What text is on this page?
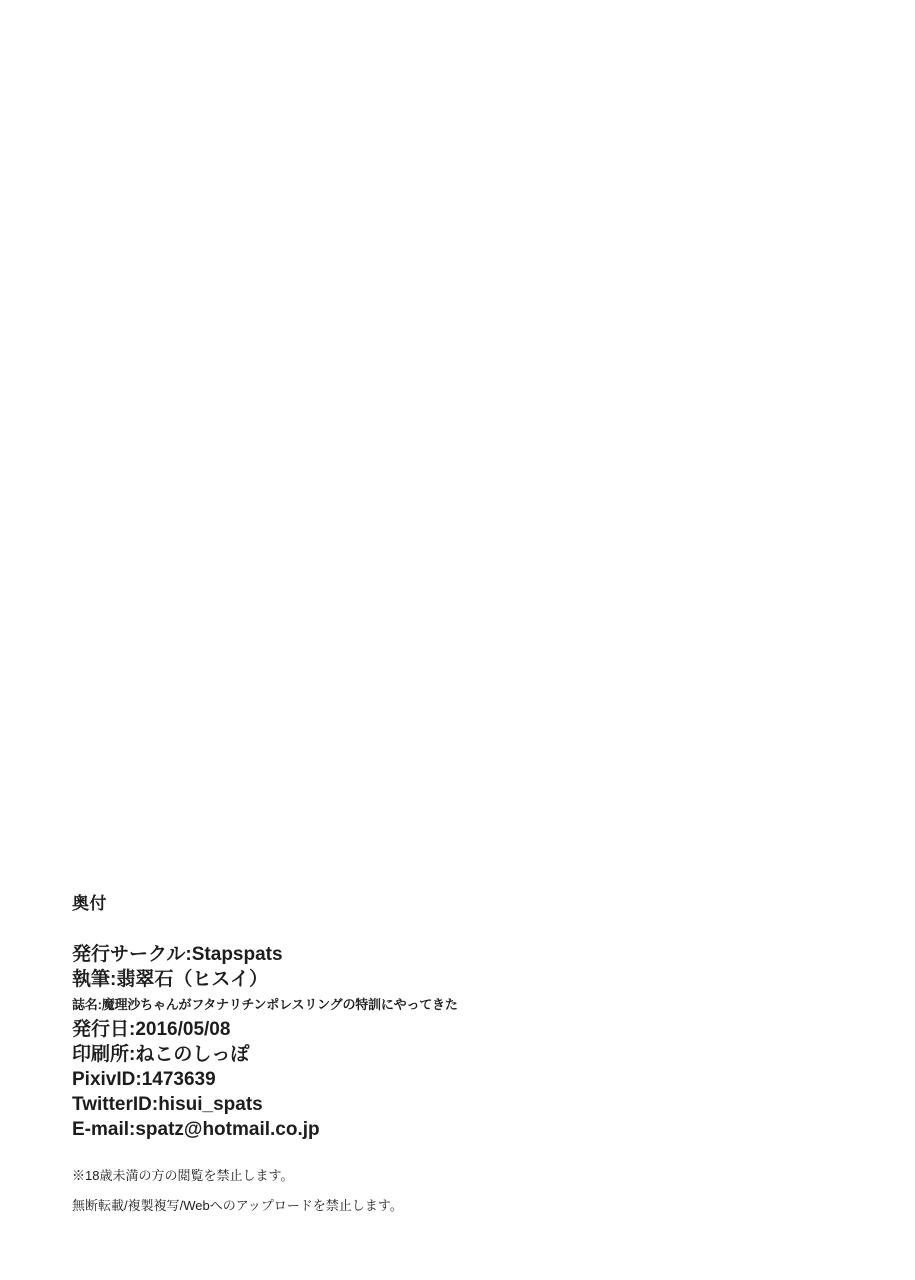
奥付
発行サークル:Stapspats
執筆:翡翠石（ヒスイ）
誌名:魔理沙ちゃんがフタナリチンポレスリングの特訓にやってきた
発行日:2016/05/08
印刷所:ねこのしっぽ
PixivID:1473639
TwitterID:hisui_spats
E-mail:spatz@hotmail.co.jp

※18歳未満の方の閲覧を禁止します。

無断転載/複製複写/Webへのアップロードを禁止します。
